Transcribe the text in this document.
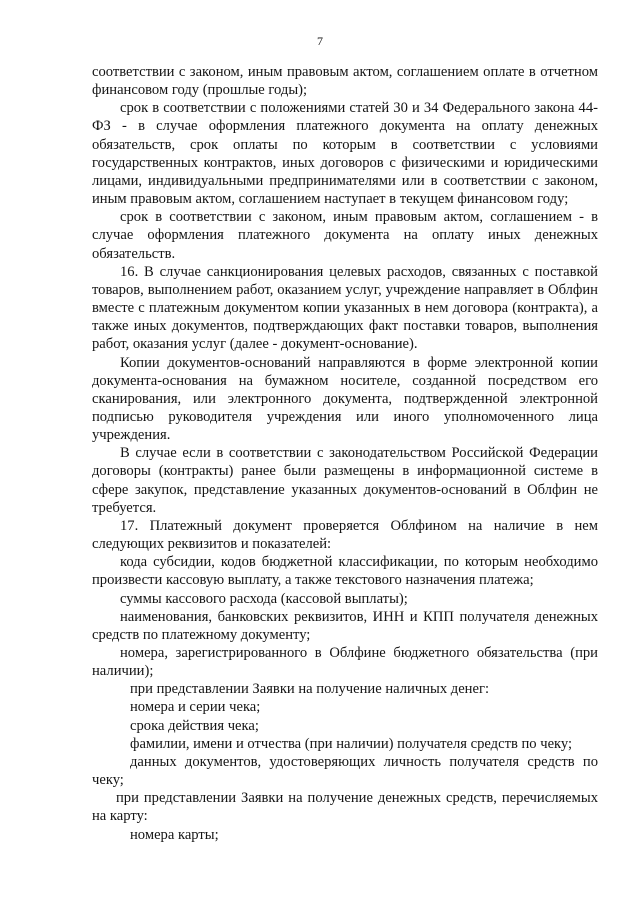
7

соответствии с законом, иным правовым актом, соглашением оплате в отчетном финансовом году (прошлые годы);

срок в соответствии с положениями статей 30 и 34 Федерального закона 44-ФЗ - в случае оформления платежного документа на оплату денежных обязательств, срок оплаты по которым в соответствии с условиями государственных контрактов, иных договоров с физическими и юридическими лицами, индивидуальными предпринимателями или в соответствии с законом, иным правовым актом, соглашением наступает в текущем финансовом году;

срок в соответствии с законом, иным правовым актом, соглашением - в случае оформления платежного документа на оплату иных денежных обязательств.

16. В случае санкционирования целевых расходов, связанных с поставкой товаров, выполнением работ, оказанием услуг, учреждение направляет в Облфин вместе с платежным документом копии указанных в нем договора (контракта), а также иных документов, подтверждающих факт поставки товаров, выполнения работ, оказания услуг (далее - документ-основание).

Копии документов-оснований направляются в форме электронной копии документа-основания на бумажном носителе, созданной посредством его сканирования, или электронного документа, подтвержденной электронной подписью руководителя учреждения или иного уполномоченного лица учреждения.

В случае если в соответствии с законодательством Российской Федерации договоры (контракты) ранее были размещены в информационной системе в сфере закупок, представление указанных документов-оснований в Облфин не требуется.

17. Платежный документ проверяется Облфином на наличие в нем следующих реквизитов и показателей:

кода субсидии, кодов бюджетной классификации, по которым необходимо произвести кассовую выплату, а также текстового назначения платежа;

суммы кассового расхода (кассовой выплаты);

наименования, банковских реквизитов, ИНН и КПП получателя денежных средств по платежному документу;

номера, зарегистрированного в Облфине бюджетного обязательства (при наличии);

при представлении Заявки на получение наличных денег:

номера и серии чека;

срока действия чека;

фамилии, имени и отчества (при наличии) получателя средств по чеку;

данных документов, удостоверяющих личность получателя средств по чеку;

при представлении Заявки на получение денежных средств, перечисляемых на карту:

номера карты;
